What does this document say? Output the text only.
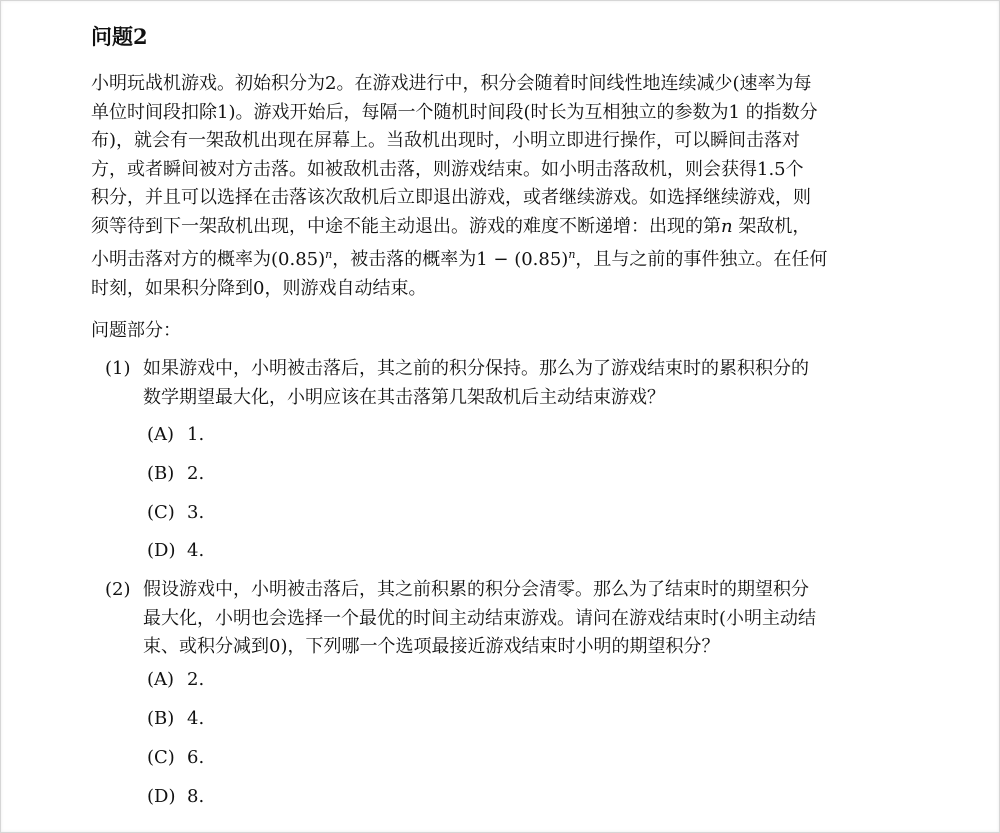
问题2
小明玩战机游戏。初始积分为2。在游戏进行中，积分会随着时间线性地连续减少(速率为每
单位时间段扣除1)。游戏开始后，每隔一个随机时间段(时长为互相独立的参数为1 的指数分
布)，就会有一架敌机出现在屏幕上。当敌机出现时，小明立即进行操作，可以瞬间击落对
方，或者瞬间被对方击落。如被敌机击落，则游戏结束。如小明击落敌机，则会获得1.5个
积分，并且可以选择在击落该次敌机后立即退出游戏，或者继续游戏。如选择继续游戏，则
须等待到下一架敌机出现，中途不能主动退出。游戏的难度不断递增：出现的第n 架敌机，
小明击落对方的概率为$(0.85)^n$，被击落的概率为$1 - (0.85)^n$，且与之前的事件独立。在任何
时刻，如果积分降到0，则游戏自动结束。

问题部分：

(1) 如果游戏中，小明被击落后，其之前的积分保持。那么为了游戏结束时的累积积分的
数学期望最大化，小明应该在其击落第几架敌机后主动结束游戏？
(A) 1.
(B) 2.
(C) 3.
(D) 4.
(2) 假设游戏中，小明被击落后，其之前积累的积分会清零。那么为了结束时的期望积分
最大化，小明也会选择一个最优的时间主动结束游戏。请问在游戏结束时(小明主动结
束、或积分减到0)，下列哪一个选项最接近游戏结束时小明的期望积分？
(A) 2.
(B) 4.
(C) 6.
(D) 8.
